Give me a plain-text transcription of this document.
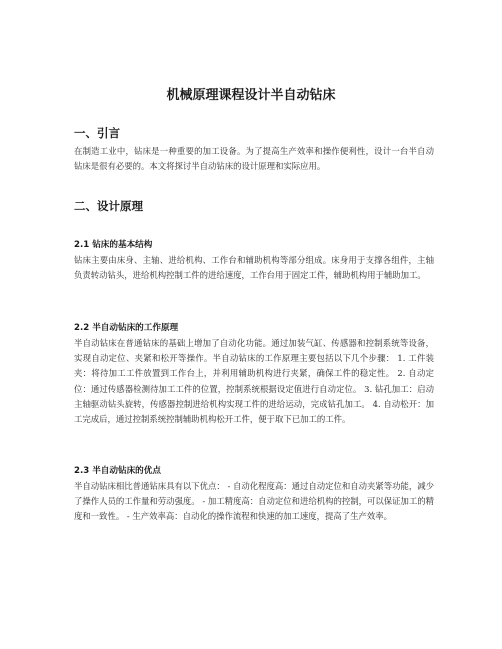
机械原理课程设计半自动钻床
一、引言

在制造工业中，钻床是一种重要的加工设备。为了提高生产效率和操作便利性，设计一台半自动钻床是很有必要的。本文将探讨半自动钻床的设计原理和实际应用。

二、设计原理
2.1 钻床的基本结构

钻床主要由床身、主轴、进给机构、工作台和辅助机构等部分组成。床身用于支撑各组件，主轴负责转动钻头，进给机构控制工件的进给速度，工作台用于固定工件，辅助机构用于辅助加工。

2.2 半自动钻床的工作原理

半自动钻床在普通钻床的基础上增加了自动化功能。通过加装气缸、传感器和控制系统等设备，实现自动定位、夹紧和松开等操作。半自动钻床的工作原理主要包括以下几个步骤： 1. 工件装夹：将待加工工件放置到工作台上，并利用辅助机构进行夹紧，确保工件的稳定性。 2. 自动定位：通过传感器检测待加工工件的位置，控制系统根据设定值进行自动定位。 3. 钻孔加工：启动主轴驱动钻头旋转，传感器控制进给机构实现工件的进给运动，完成钻孔加工。 4. 自动松开：加工完成后，通过控制系统控制辅助机构松开工件，便于取下已加工的工件。

2.3 半自动钻床的优点

半自动钻床相比普通钻床具有以下优点： - 自动化程度高：通过自动定位和自动夹紧等功能，减少了操作人员的工作量和劳动强度。 - 加工精度高：自动定位和进给机构的控制，可以保证加工的精度和一致性。 - 生产效率高：自动化的操作流程和快速的加工速度，提高了生产效率。
